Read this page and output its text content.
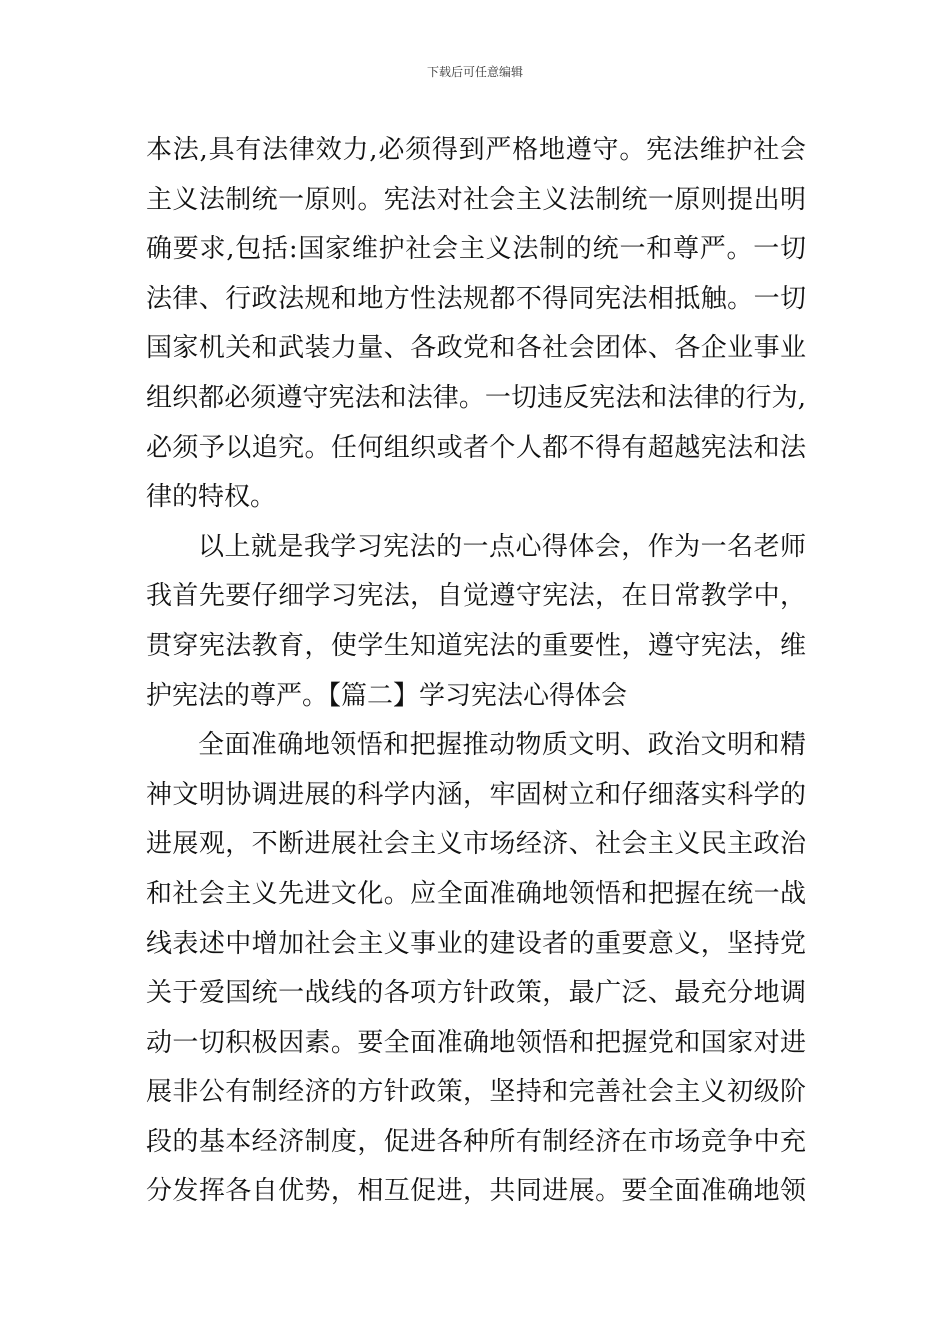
下载后可任意编辑
本法,具有法律效力,必须得到严格地遵守。宪法维护社会
主义法制统一原则。宪法对社会主义法制统一原则提出明
确要求,包括:国家维护社会主义法制的统一和尊严。一切
法律、行政法规和地方性法规都不得同宪法相抵触。一切
国家机关和武装力量、各政党和各社会团体、各企业事业
组织都必须遵守宪法和法律。一切违反宪法和法律的行为,
必须予以追究。任何组织或者个人都不得有超越宪法和法
律的特权。
以上就是我学习宪法的一点心得体会，作为一名老师
我首先要仔细学习宪法，自觉遵守宪法，在日常教学中，
贯穿宪法教育，使学生知道宪法的重要性，遵守宪法，维
护宪法的尊严。【篇二】学习宪法心得体会
全面准确地领悟和把握推动物质文明、政治文明和精
神文明协调进展的科学内涵，牢固树立和仔细落实科学的
进展观，不断进展社会主义市场经济、社会主义民主政治
和社会主义先进文化。应全面准确地领悟和把握在统一战
线表述中增加社会主义事业的建设者的重要意义，坚持党
关于爱国统一战线的各项方针政策，最广泛、最充分地调
动一切积极因素。要全面准确地领悟和把握党和国家对进
展非公有制经济的方针政策，坚持和完善社会主义初级阶
段的基本经济制度，促进各种所有制经济在市场竞争中充
分发挥各自优势，相互促进，共同进展。要全面准确地领
